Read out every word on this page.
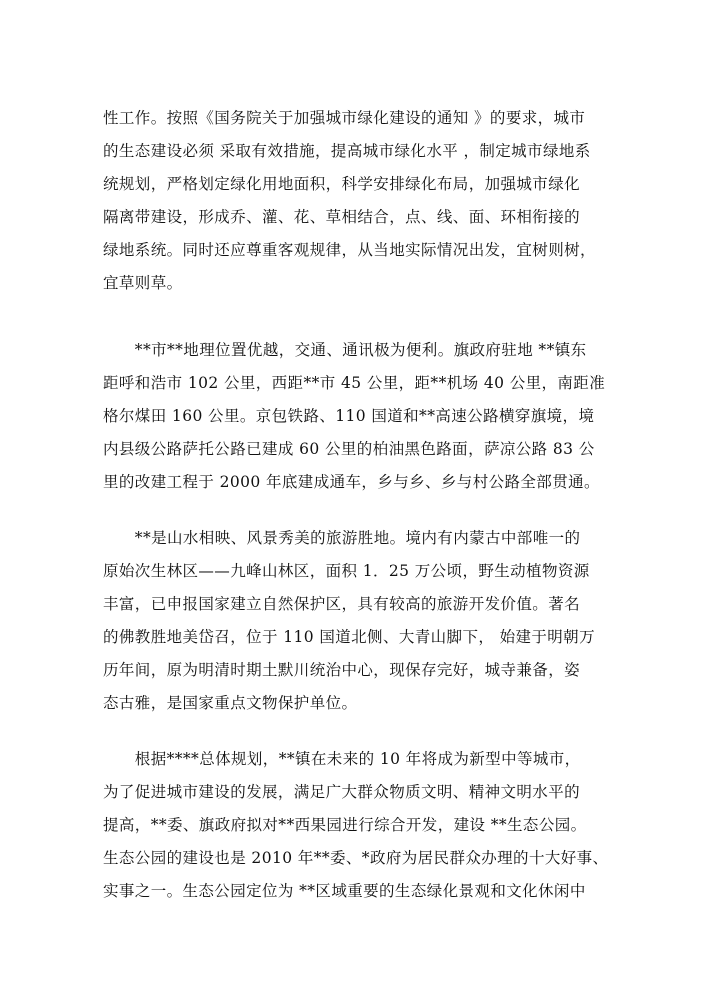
性工作。按照《国务院关于加强城市绿化建设的通知 》的要求，城市
的生态建设必须 采取有效措施，提高城市绿化水平 ，制定城市绿地系
统规划，严格划定绿化用地面积，科学安排绿化布局，加强城市绿化
隔离带建设，形成乔、灌、花、草相结合，点、线、面、环相衔接的
绿地系统。同时还应尊重客观规律，从当地实际情况出发，宜树则树，
宜草则草。
　　**市**地理位置优越，交通、通讯极为便利。旗政府驻地 **镇东
距呼和浩市 102 公里，西距**市 45 公里，距**机场 40 公里，南距准
格尔煤田 160 公里。京包铁路、110 国道和**高速公路横穿旗境，境
内县级公路萨托公路已建成 60 公里的柏油黑色路面，萨凉公路 83 公
里的改建工程于 2000 年底建成通车，乡与乡、乡与村公路全部贯通。
　　**是山水相映、风景秀美的旅游胜地。境内有内蒙古中部唯一的
原始次生林区——九峰山林区，面积 1．25 万公顷，野生动植物资源
丰富，已申报国家建立自然保护区，具有较高的旅游开发价值。著名
的佛教胜地美岱召，位于 110 国道北侧、大青山脚下， 始建于明朝万
历年间，原为明清时期土默川统治中心，现保存完好，城寺兼备，姿
态古雅，是国家重点文物保护单位。
　　根据****总体规划，**镇在未来的 10 年将成为新型中等城市，
为了促进城市建设的发展，满足广大群众物质文明、精神文明水平的
提高，**委、旗政府拟对**西果园进行综合开发，建设 **生态公园。
生态公园的建设也是 2010 年**委、*政府为居民群众办理的十大好事、
实事之一。生态公园定位为 **区域重要的生态绿化景观和文化休闲中
